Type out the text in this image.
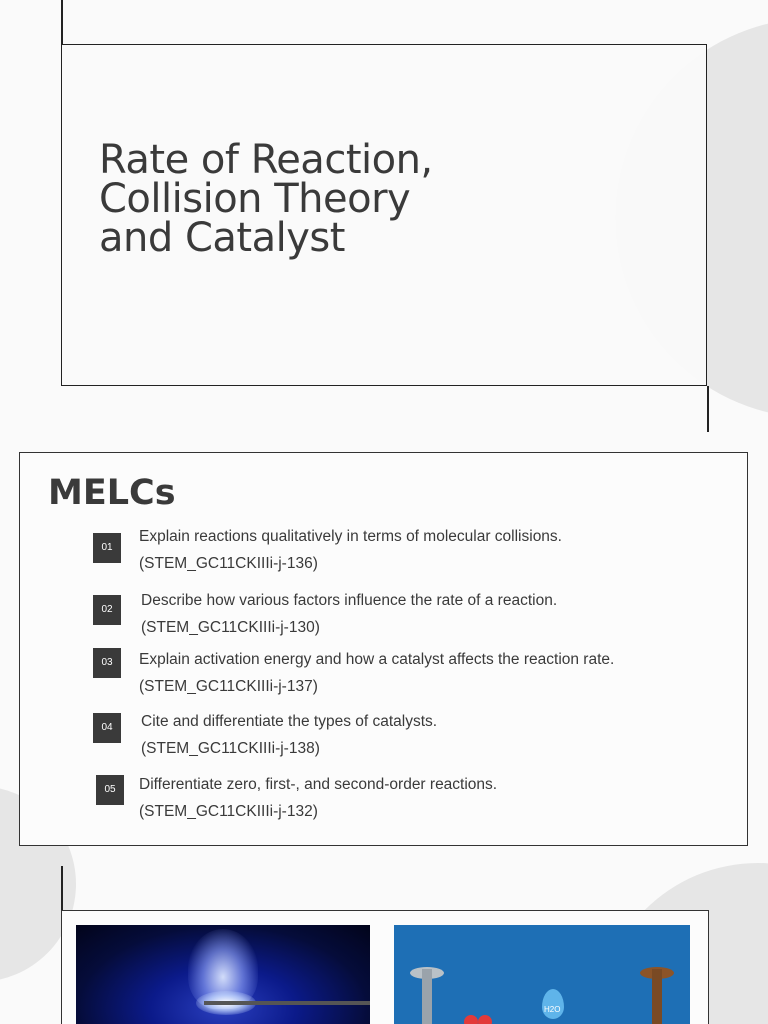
Rate of Reaction,
Collision Theory
and Catalyst
MELCs
01
Explain reactions qualitatively in terms of molecular collisions.
(STEM_GC11CKIIIi-j-136)
02
Describe how various factors influence the rate of a reaction.
(STEM_GC11CKIIIi-j-130)
03	Explain activation energy and how a catalyst affects the reaction rate.
(STEM_GC11CKIIIi-j-137)
04	Cite and differentiate the types of catalysts.
(STEM_GC11CKIIIi-j-138)
05	Differentiate zero, first-, and second-order reactions.
(STEM_GC11CKIIIi-j-132)
H2O
